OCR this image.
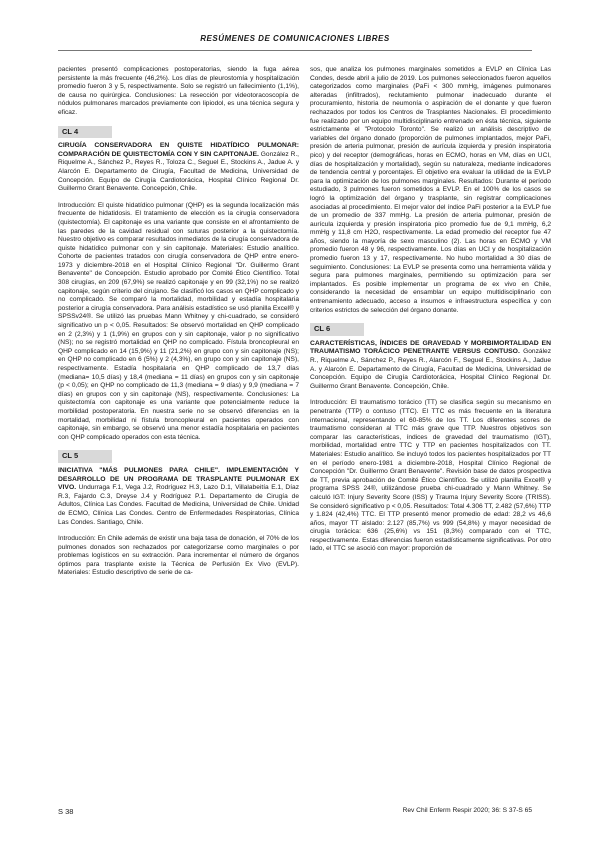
RESÚMENES DE COMUNICACIONES LIBRES

pacientes presentó complicaciones postoperatorias, siendo la fuga aérea persistente la más frecuente (46,2%). Los días de pleurostomía y hospitalización promedio fueron 3 y 5, respectivamente. Solo se registró un fallecimiento (1,1%), de causa no quirúrgica. Conclusiones: La resección por videotoracoscopía de nódulos pulmonares marcados previamente con lipiodol, es una técnica segura y eficaz.

CL 4

CIRUGÍA CONSERVADORA EN QUISTE HIDATÍDICO PULMONAR: COMPARACIÓN DE QUISTECTOMÍA CON Y SIN CAPITONAJE. González R., Riquelme A., Sánchez P., Reyes R., Toloza C., Seguel E., Stockins A., Jadue A. y Alarcón E. Departamento de Cirugía, Facultad de Medicina, Universidad de Concepción. Equipo de Cirugía Cardiotorácica, Hospital Clínico Regional Dr. Guillermo Grant Benavente. Concepción, Chile.

Introducción: El quiste hidatídico pulmonar (QHP) es la segunda localización más frecuente de hidatidosis. El tratamiento de elección es la cirugía conservadora (quistectomía). El capitonaje es una variante que consiste en el afrontamiento de las paredes de la cavidad residual con suturas posterior a la quistectomía. Nuestro objetivo es comparar resultados inmediatos de la cirugía conservadora de quiste hidatídico pulmonar con y sin capitonaje. Materiales: Estudio analítico. Cohorte de pacientes tratados con cirugía conservadora de QHP entre enero-1973 y diciembre-2018 en el Hospital Clínico Regional "Dr. Guillermo Grant Benavente" de Concepción. Estudio aprobado por Comité Ético Científico. Total 308 cirugías, en 209 (67,9%) se realizó capitonaje y en 99 (32,1%) no se realizó capitonaje, según criterio del cirujano. Se clasificó los casos en QHP complicado y no complicado. Se comparó la mortalidad, morbilidad y estadía hospitalaria posterior a cirugía conservadora. Para análisis estadístico se usó planilla Excel® y SPSSv24®. Se utilizó las pruebas Mann Whitney y chi-cuadrado, se consideró significativo un p < 0,05. Resultados: Se observó mortalidad en QHP complicado en 2 (2,3%) y 1 (1,9%) en grupos con y sin capitonaje, valor p no significativo (NS); no se registró mortalidad en QHP no complicado. Fístula broncopleural en QHP complicado en 14 (15,9%) y 11 (21,2%) en grupo con y sin capitonaje (NS); en QHP no complicado en 6 (5%) y 2 (4,3%), en grupo con y sin capitonaje (NS), respectivamente. Estadía hospitalaria en QHP complicado de 13,7 días (mediana= 10,5 días) y 18,4 (mediana = 11 días) en grupos con y sin capitonaje (p < 0,05); en QHP no complicado de 11,3 (mediana = 9 días) y 9,9 (mediana = 7 días) en grupos con y sin capitonaje (NS), respectivamente. Conclusiones: La quistectomía con capitonaje es una variante que potencialmente reduce la morbilidad postoperatoria. En nuestra serie no se observó diferencias en la mortalidad, morbilidad ni fístula broncopleural en pacientes operados con capitonaje, sin embargo, se observó una menor estadía hospitalaria en pacientes con QHP complicado operados con esta técnica.

CL 5

INICIATIVA "MÁS PULMONES PARA CHILE". IMPLEMENTACIÓN Y DESARROLLO DE UN PROGRAMA DE TRASPLANTE PULMONAR EX VIVO. Undurraga F.1, Vega J.2, Rodríguez H.3, Lazo D.1, Villalabeitía E.1, Díaz R.3, Fajardo C.3, Dreyse J.4 y Rodríguez P.1. Departamento de Cirugía de Adultos, Clínica Las Condes. Facultad de Medicina, Universidad de Chile. Unidad de ECMO, Clínica Las Condes. Centro de Enfermedades Respiratorias, Clínica Las Condes. Santiago, Chile.

Introducción: En Chile además de existir una baja tasa de donación, el 70% de los pulmones donados son rechazados por categorizarse como marginales o por problemas logísticos en su extracción. Para incrementar el número de órganos óptimos para trasplante existe la Técnica de Perfusión Ex Vivo (EVLP). Materiales: Estudio descriptivo de serie de ca-

sos, que analiza los pulmones marginales sometidos a EVLP en Clínica Las Condes, desde abril a julio de 2019. Los pulmones seleccionados fueron aquellos categorizados como marginales (PaFi < 300 mmHg, imágenes pulmonares alteradas (infiltrados), reclutamiento pulmonar inadecuado durante el procuramiento, historia de neumonía o aspiración de el donante y que fueron rechazados por todos los Centros de Trasplantes Nacionales. El procedimiento fue realizado por un equipo multidisciplinario entrenado en ésta técnica, siguiente estrictamente el "Protocolo Toronto". Se realizó un análisis descriptivo de variables del órgano donado (proporción de pulmones implantados, mejor PaFi, presión de arteria pulmonar, presión de aurícula izquierda y presión inspiratoria pico) y del receptor (demográficas, horas en ECMO, horas en VM, días en UCI, días de hospitalización y mortalidad), según su naturaleza, mediante indicadores de tendencia central y porcentajes. El objetivo era evaluar la utilidad de la EVLP para la optimización de los pulmones marginales. Resultados: Durante el período estudiado, 3 pulmones fueron sometidos a EVLP. En el 100% de los casos se logró la optimización del órgano y trasplante, sin registrar complicaciones asociadas al procedimiento. El mejor valor del índice PaFi posterior a la EVLP fue de un promedio de 337 mmHg. La presión de arteria pulmonar, presión de aurícula izquierda y presión inspiratoria pico promedio fue de 9,1 mmHg, 6,2 mmHg y 11,8 cm H2O, respectivamente. La edad promedio del receptor fue 47 años, siendo la mayoría de sexo masculino (2). Las horas en ECMO y VM promedio fueron 48 y 96, respectivamente. Los días en UCI y de hospitalización promedio fueron 13 y 17, respectivamente. No hubo mortalidad a 30 días de seguimiento. Conclusiones: La EVLP se presenta como una herramienta válida y segura para pulmones marginales, permitiendo su optimización para ser implantados. Es posible implementar un programa de ex vivo en Chile, considerando la necesidad de ensamblar un equipo multidisciplinario con entrenamiento adecuado, acceso a insumos e infraestructura específica y con criterios estrictos de selección del órgano donante.

CL 6

CARACTERÍSTICAS, ÍNDICES DE GRAVEDAD Y MORBIMORTALIDAD EN TRAUMATISMO TORÁCICO PENETRANTE VERSUS CONTUSO. González R., Riquelme A., Sánchez P., Reyes R., Alarcón F., Seguel E., Stockins A., Jadue A. y Alarcón E. Departamento de Cirugía, Facultad de Medicina, Universidad de Concepción. Equipo de Cirugía Cardiotorácica, Hospital Clínico Regional Dr. Guillermo Grant Benavente. Concepción, Chile.

Introducción: El traumatismo torácico (TT) se clasifica según su mecanismo en penetrante (TTP) o contuso (TTC). El TTC es más frecuente en la literatura internacional, representando el 60-85% de los TT. Los diferentes scores de traumatismo consideran al TTC más grave que TTP. Nuestros objetivos son comparar las características, índices de gravedad del traumatismo (IGT), morbilidad, mortalidad entre TTC y TTP en pacientes hospitalizados con TT. Materiales: Estudio analítico. Se incluyó todos los pacientes hospitalizados por TT en el período enero-1981 a diciembre-2018, Hospital Clínico Regional de Concepción "Dr. Guillermo Grant Benavente". Revisión base de datos prospectiva de TT, previa aprobación de Comité Ético Científico. Se utilizó planilla Excel® y programa SPSS 24®, utilizándose prueba chi-cuadrado y Mann Whitney. Se calculó IGT: Injury Severity Score (ISS) y Trauma Injury Severity Score (TRISS). Se consideró significativo p < 0,05. Resultados: Total 4.306 TT, 2.482 (57,6%) TTP y 1.824 (42,4%) TTC. El TTP presentó menor promedio de edad: 28,2 vs 46,6 años, mayor TT aislado: 2.127 (85,7%) vs 999 (54,8%) y mayor necesidad de cirugía torácica: 636 (25,6%) vs 151 (8,3%) comparado con el TTC, respectivamente. Estas diferencias fueron estadísticamente significativas. Por otro lado, el TTC se asoció con mayor: proporción de

S 38	Rev Chil Enferm Respir 2020; 36: S 37-S 65
